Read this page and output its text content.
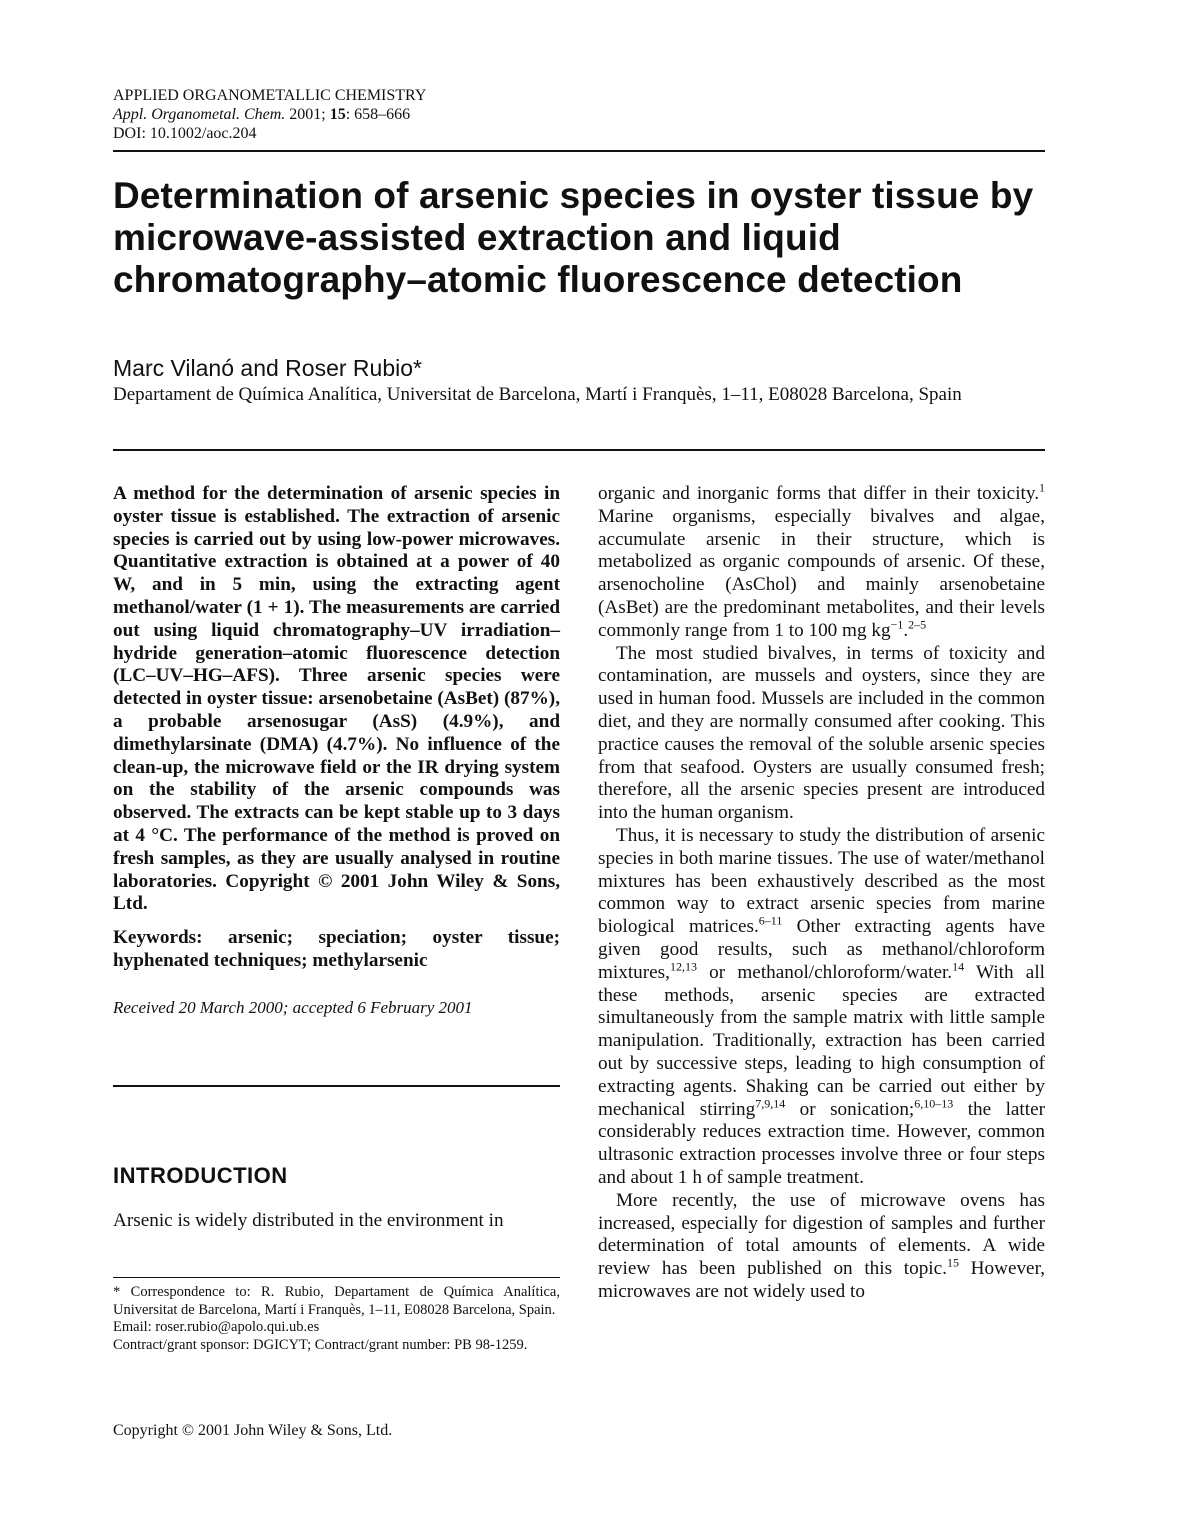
APPLIED ORGANOMETALLIC CHEMISTRY
Appl. Organometal. Chem. 2001; 15: 658–666
DOI: 10.1002/aoc.204
Determination of arsenic species in oyster tissue by microwave-assisted extraction and liquid chromatography–atomic fluorescence detection
Marc Vilanó and Roser Rubio*
Departament de Química Analítica, Universitat de Barcelona, Martí i Franquès, 1–11, E08028 Barcelona, Spain

A method for the determination of arsenic species in oyster tissue is established. The extraction of arsenic species is carried out by using low-power microwaves. Quantitative extraction is obtained at a power of 40 W, and in 5 min, using the extracting agent methanol/water (1 + 1). The measurements are carried out using liquid chromatography–UV irradiation–hydride generation–atomic fluorescence detection (LC–UV–HG–AFS). Three arsenic species were detected in oyster tissue: arsenobetaine (AsBet) (87%), a probable arsenosugar (AsS) (4.9%), and dimethylarsinate (DMA) (4.7%). No influence of the clean-up, the microwave field or the IR drying system on the stability of the arsenic compounds was observed. The extracts can be kept stable up to 3 days at 4 °C. The performance of the method is proved on fresh samples, as they are usually analysed in routine laboratories. Copyright © 2001 John Wiley & Sons, Ltd.

Keywords: arsenic; speciation; oyster tissue; hyphenated techniques; methylarsenic

Received 20 March 2000; accepted 6 February 2001

INTRODUCTION
Arsenic is widely distributed in the environment in

* Correspondence to: R. Rubio, Departament de Química Analítica, Universitat de Barcelona, Martí i Franquès, 1–11, E08028 Barcelona, Spain.

Email: roser.rubio@apolo.qui.ub.es

Contract/grant sponsor: DGICYT; Contract/grant number: PB 98-1259.

Copyright © 2001 John Wiley & Sons, Ltd.

organic and inorganic forms that differ in their toxicity.$^1$ Marine organisms, especially bivalves and algae, accumulate arsenic in their structure, which is metabolized as organic compounds of arsenic. Of these, arsenocholine (AsChol) and mainly arsenobetaine (AsBet) are the predominant metabolites, and their levels commonly range from 1 to 100 mg $kg^{-1}.^{2-5}$

The most studied bivalves, in terms of toxicity and contamination, are mussels and oysters, since they are used in human food. Mussels are included in the common diet, and they are normally consumed after cooking. This practice causes the removal of the soluble arsenic species from that seafood. Oysters are usually consumed fresh; therefore, all the arsenic species present are introduced into the human organism.

Thus, it is necessary to study the distribution of arsenic species in both marine tissues. The use of water/methanol mixtures has been exhaustively described as the most common way to extract arsenic species from marine biological matrices.$^{6-11}$ Other extracting agents have given good results, such as methanol/chloroform mixtures,$^{12,13}$ or methanol/chloroform/water.$^{14}$ With all these methods, arsenic species are extracted simultaneously from the sample matrix with little sample manipulation. Traditionally, extraction has been carried out by successive steps, leading to high consumption of extracting agents. Shaking can be carried out either by mechanical stirring$^{7,9,14}$ or sonication;$^{6,10-13}$ the latter considerably reduces extraction time. However, common ultrasonic extraction processes involve three or four steps and about 1 h of sample treatment.

More recently, the use of microwave ovens has increased, especially for digestion of samples and further determination of total amounts of elements. A wide review has been published on this topic.$^{15}$ However, microwaves are not widely used to
